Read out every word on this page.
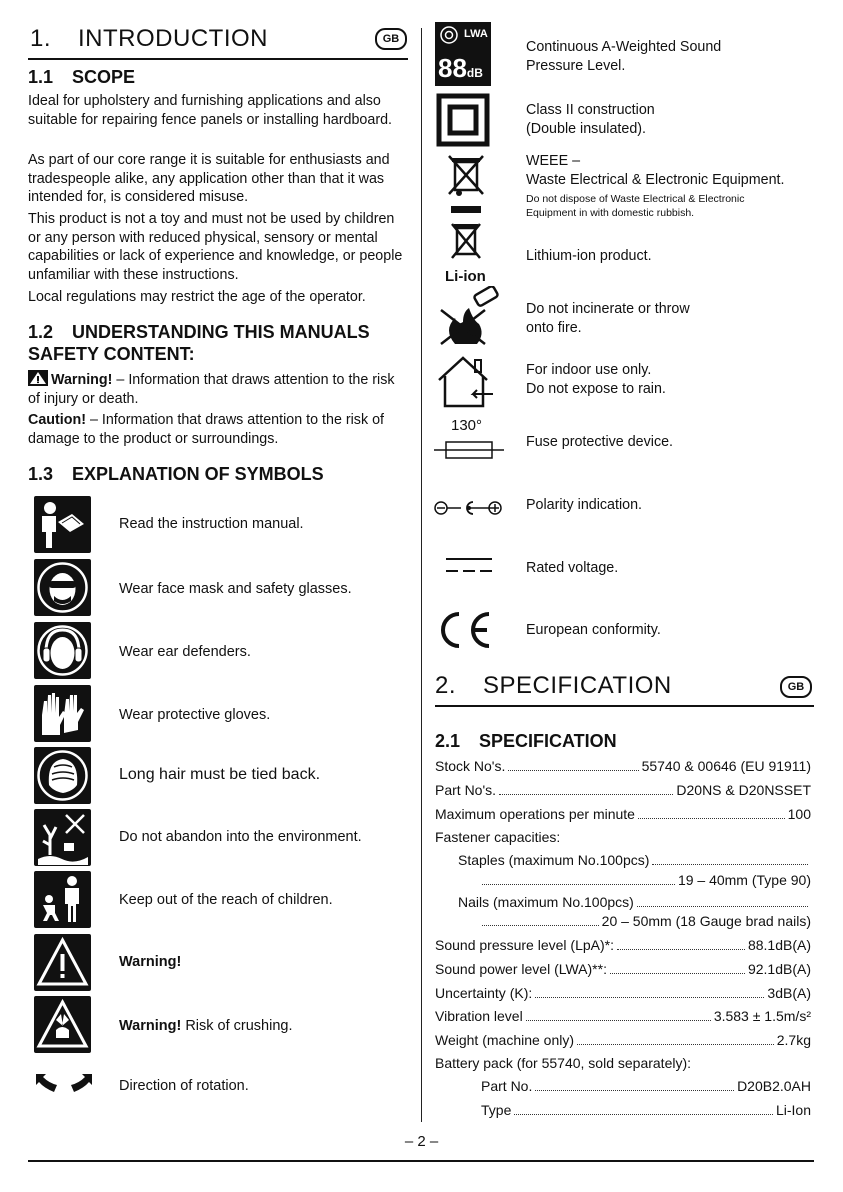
1. INTRODUCTION	GB
1.1 SCOPE
Ideal for upholstery and furnishing applications and also suitable for repairing fence panels or installing hardboard.
As part of our core range it is suitable for enthusiasts and tradespeople alike, any application other than that it was intended for, is considered misuse.
This product is not a toy and must not be used by children or any person with reduced physical, sensory or mental capabilities or lack of experience and knowledge, or people unfamiliar with these instructions.
Local regulations may restrict the age of the operator.
1.2 UNDERSTANDING THIS MANUALS
SAFETY CONTENT:
Warning! – Information that draws attention to the risk of injury or death.
Caution! – Information that draws attention to the risk of damage to the product or surroundings.
1.3 EXPLANATION OF SYMBOLS
Read the instruction manual.
Wear face mask and safety glasses.
Wear ear defenders.
Wear protective gloves.
Long hair must be tied back.
Do not abandon into the environment.
Keep out of the reach of children.
Warning!
Warning! Risk of crushing.
Direction of rotation.
LWA
88dB
Continuous A-Weighted Sound Pressure Level.
Class II construction
(Double insulated).
WEEE –
Waste Electrical & Electronic Equipment.
Do not dispose of Waste Electrical & Electronic Equipment in with domestic rubbish.
Li-ion
Lithium-ion product.
Do not incinerate or throw
onto fire.
For indoor use only.
Do not expose to rain.
130°
Fuse protective device.
Polarity indication.
Rated voltage.
European conformity.
2. SPECIFICATION	GB
2.1 SPECIFICATION
Stock No's.	55740 & 00646 (EU 91911)
Part No's.	D20NS & D20NSSET
Maximum operations per minute	100
Fastener capacities:
Staples (maximum No.100pcs)
19 – 40mm (Type 90)
Nails (maximum No.100pcs)
20 – 50mm (18 Gauge brad nails)
Sound pressure level (LpA)*:	88.1dB(A)
Sound power level (LWA)**:	92.1dB(A)
Uncertainty (K):	3dB(A)
Vibration level	3.583 ± 1.5m/s²
Weight (machine only)	2.7kg
Battery pack (for 55740, sold separately):
Part No.	D20B2.0AH
Type	Li-Ion
– 2 –
